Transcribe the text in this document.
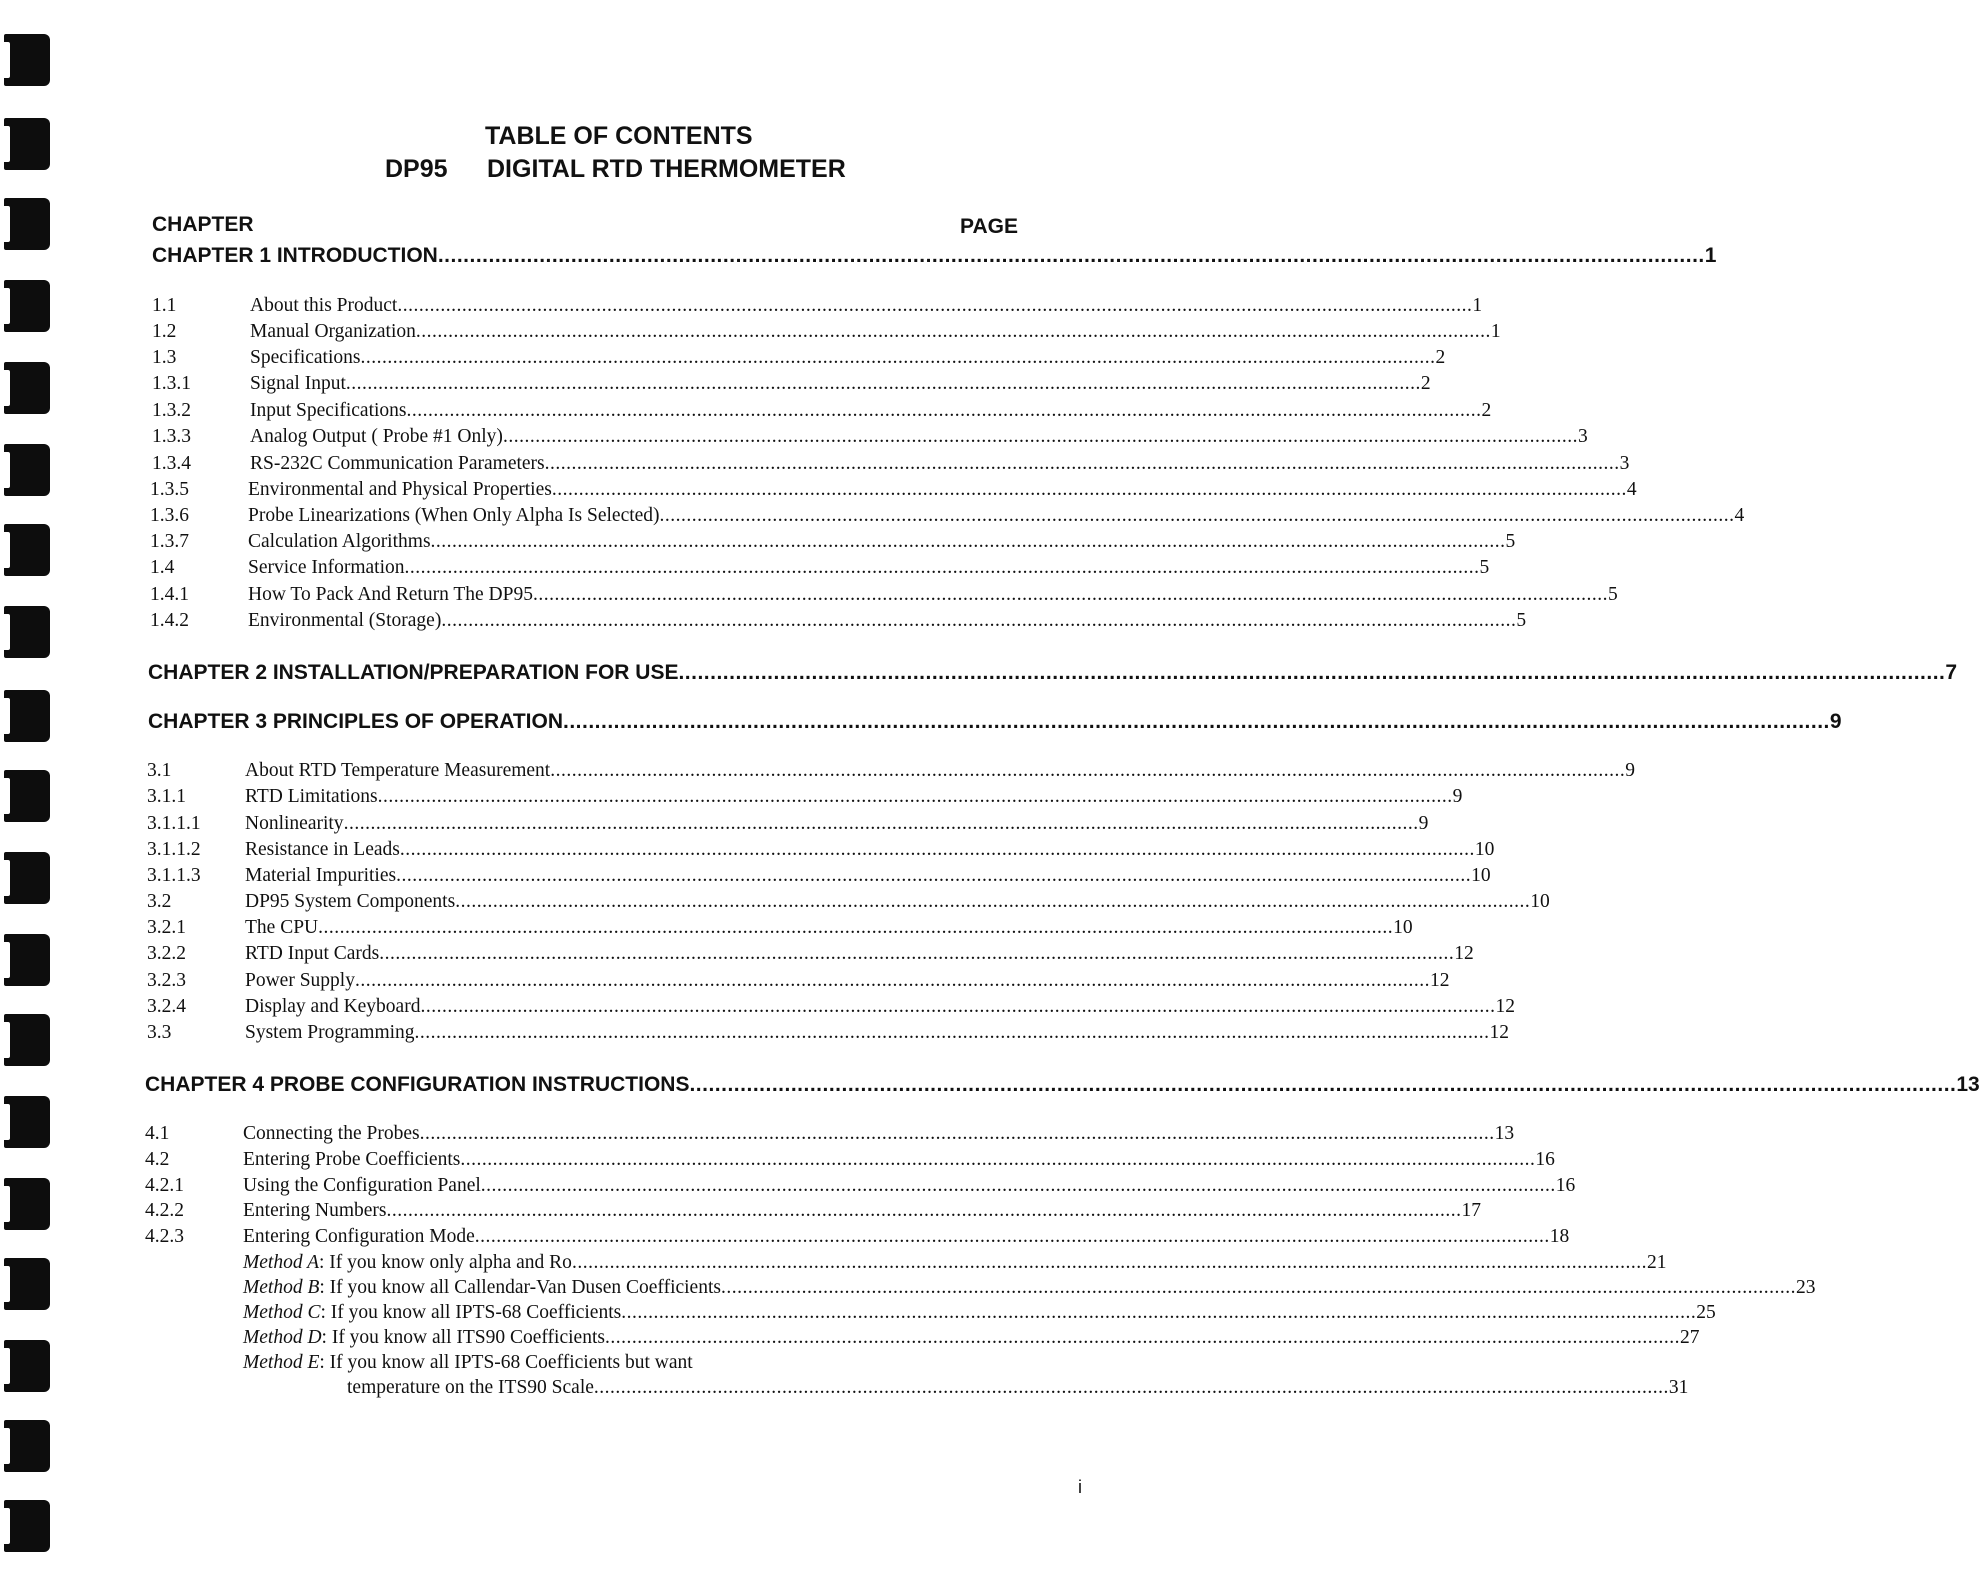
TABLE OF CONTENTS
DP95 DIGITAL RTD THERMOMETER
CHAPTER	PAGE
CHAPTER 1 INTRODUCTION ........................................................................................................................................................................................................ 1
1.1	About this Product ........................................................................................................................................................................................................ 1
1.2	Manual Organization ........................................................................................................................................................................................................ 1
1.3	Specifications ........................................................................................................................................................................................................ 2
1.3.1	Signal Input ........................................................................................................................................................................................................ 2
1.3.2	Input Specifications ........................................................................................................................................................................................................ 2
1.3.3	Analog Output ( Probe #1 Only) ........................................................................................................................................................................................................ 3
1.3.4	RS-232C Communication Parameters ........................................................................................................................................................................................................ 3
1.3.5	Environmental and Physical Properties ........................................................................................................................................................................................................ 4
1.3.6	Probe Linearizations (When Only Alpha Is Selected) ........................................................................................................................................................................................................ 4
1.3.7	Calculation Algorithms ........................................................................................................................................................................................................ 5
1.4	Service Information ........................................................................................................................................................................................................ 5
1.4.1	How To Pack And Return The DP95 ........................................................................................................................................................................................................ 5
1.4.2	Environmental (Storage) ........................................................................................................................................................................................................ 5
CHAPTER 2 INSTALLATION/PREPARATION FOR USE ........................................................................................................................................................................................................ 7
CHAPTER 3 PRINCIPLES OF OPERATION ........................................................................................................................................................................................................ 9
3.1	About RTD Temperature Measurement ........................................................................................................................................................................................................ 9
3.1.1	RTD Limitations ........................................................................................................................................................................................................ 9
3.1.1.1	Nonlinearity ........................................................................................................................................................................................................ 9
3.1.1.2	Resistance in Leads ........................................................................................................................................................................................................ 10
3.1.1.3	Material Impurities ........................................................................................................................................................................................................ 10
3.2	DP95 System Components ........................................................................................................................................................................................................ 10
3.2.1	The CPU ........................................................................................................................................................................................................ 10
3.2.2	RTD Input Cards ........................................................................................................................................................................................................ 12
3.2.3	Power Supply ........................................................................................................................................................................................................ 12
3.2.4	Display and Keyboard ........................................................................................................................................................................................................ 12
3.3	System Programming ........................................................................................................................................................................................................ 12
CHAPTER 4 PROBE CONFIGURATION INSTRUCTIONS ........................................................................................................................................................................................................ 13
4.1	Connecting the Probes ........................................................................................................................................................................................................ 13
4.2	Entering Probe Coefficients ........................................................................................................................................................................................................ 16
4.2.1	Using the Configuration Panel ........................................................................................................................................................................................................ 16
4.2.2	Entering Numbers ........................................................................................................................................................................................................ 17
4.2.3	Entering Configuration Mode ........................................................................................................................................................................................................ 18
Method A: If you know only alpha and Ro ........................................................................................................................................................................................................ 21
Method B: If you know all Callendar-Van Dusen Coefficients ........................................................................................................................................................................................................ 23
Method C: If you know all IPTS-68 Coefficients ........................................................................................................................................................................................................ 25
Method D: If you know all ITS90 Coefficients ........................................................................................................................................................................................................ 27
Method E: If you know all IPTS-68 Coefficients but want
temperature on the ITS90 Scale ........................................................................................................................................................................................................ 31
i
